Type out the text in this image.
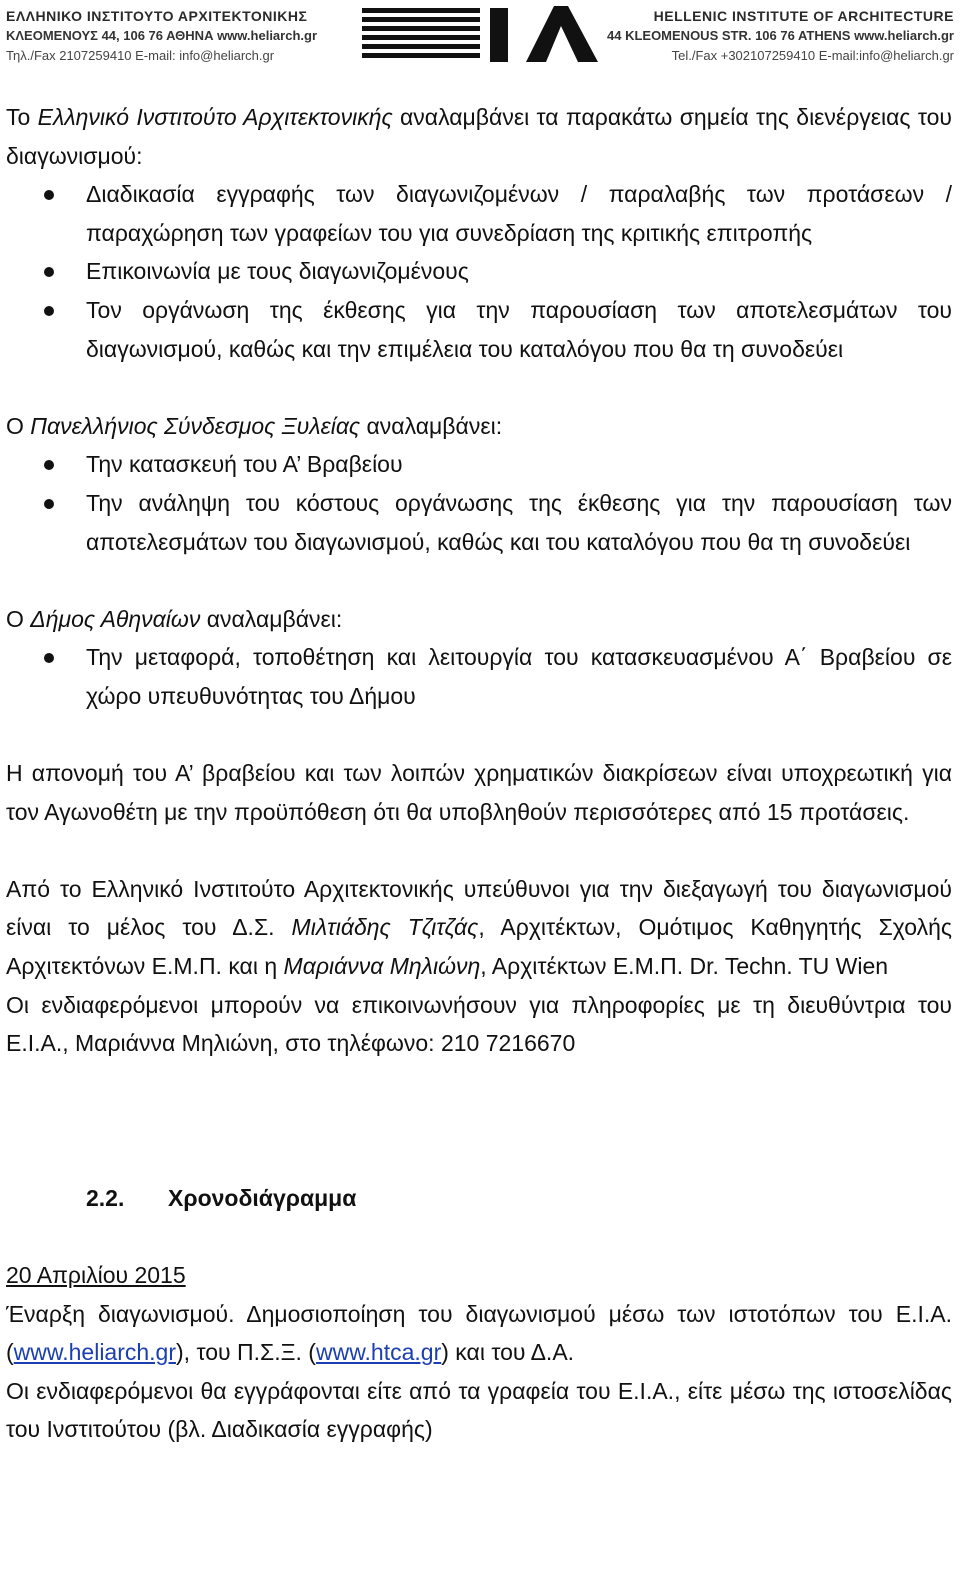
ΕΛΛΗΝΙΚΟ ΙΝΣΤΙΤΟΥΤΟ ΑΡΧΙΤΕΚΤΟΝΙΚΗΣ
ΚΛΕΟΜΕΝΟΥΣ 44, 106 76 ΑΘΗΝΑ www.heliarch.gr
Τηλ./Fax 2107259410 E-mail: info@heliarch.gr
HELLENIC INSTITUTE OF ARCHITECTURE
44 KLEOMENOUS STR. 106 76 ATHENS www.heliarch.gr
Tel./Fax +302107259410 E-mail:info@heliarch.gr

Το Ελληνικό Ινστιτούτο Αρχιτεκτονικής αναλαμβάνει τα παρακάτω σημεία της διενέργειας του διαγωνισμού:

Διαδικασία εγγραφής των διαγωνιζομένων / παραλαβής των προτάσεων / παραχώρηση των γραφείων του για συνεδρίαση της κριτικής επιτροπής
Επικοινωνία με τους διαγωνιζομένους
Τον οργάνωση της έκθεσης για την παρουσίαση των αποτελεσμάτων του διαγωνισμού, καθώς και την επιμέλεια του καταλόγου που θα τη συνοδεύει

Ο Πανελλήνιος Σύνδεσμος Ξυλείας αναλαμβάνει:

Την κατασκευή του Α’ Βραβείου
Την ανάληψη του κόστους οργάνωσης της έκθεσης για την παρουσίαση των αποτελεσμάτων του διαγωνισμού, καθώς και του καταλόγου που θα τη συνοδεύει

Ο Δήμος Αθηναίων αναλαμβάνει:

Την μεταφορά, τοποθέτηση και λειτουργία του κατασκευασμένου Α΄ Βραβείου σε χώρο υπευθυνότητας του Δήμου

Η απονομή του Α’ βραβείου και των λοιπών χρηματικών διακρίσεων είναι υποχρεωτική για τον Αγωνοθέτη με την προϋπόθεση ότι θα υποβληθούν περισσότερες από 15 προτάσεις.

Από το Ελληνικό Ινστιτούτο Αρχιτεκτονικής υπεύθυνοι για την διεξαγωγή του διαγωνισμού είναι το μέλος του Δ.Σ. Μιλτιάδης Τζιτζάς, Αρχιτέκτων, Ομότιμος Καθηγητής Σχολής Αρχιτεκτόνων Ε.Μ.Π. και η Μαριάννα Μηλιώνη, Αρχιτέκτων Ε.Μ.Π. Dr. Techn. TU Wien

Οι ενδιαφερόμενοι μπορούν να επικοινωνήσουν για πληροφορίες με τη διευθύντρια του Ε.Ι.Α., Μαριάννα Μηλιώνη, στο τηλέφωνο: 210 7216670

2.2. Χρονοδιάγραμμα

20 Απριλίου 2015

Έναρξη διαγωνισμού. Δημοσιοποίηση του διαγωνισμού μέσω των ιστοτόπων του Ε.Ι.Α.(www.heliarch.gr), του Π.Σ.Ξ. (www.htca.gr) και του Δ.Α.

Οι ενδιαφερόμενοι θα εγγράφονται είτε από τα γραφεία του Ε.Ι.Α., είτε μέσω της ιστοσελίδας του Ινστιτούτου (βλ. Διαδικασία εγγραφής)
